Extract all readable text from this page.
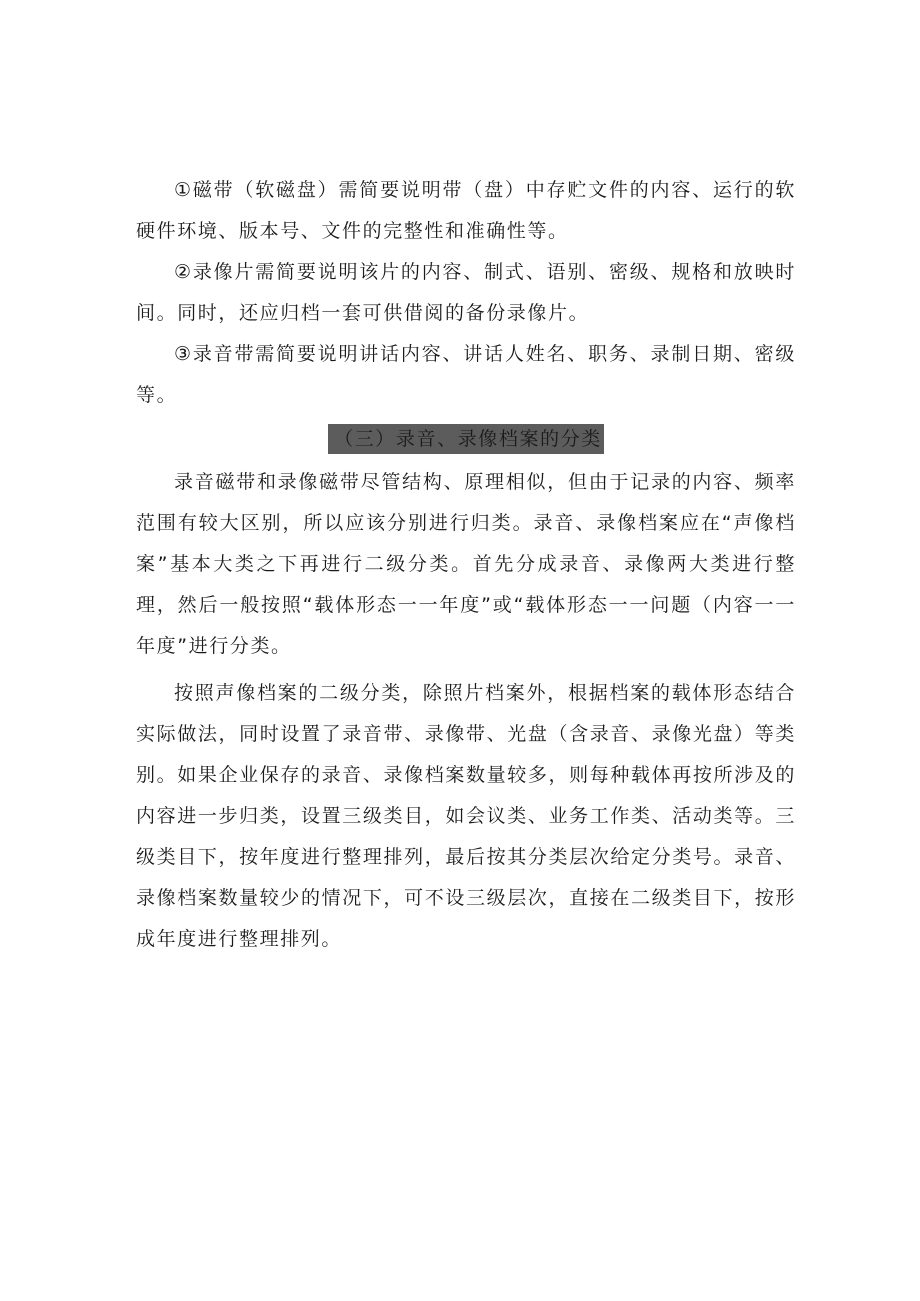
①磁带（软磁盘）需简要说明带（盘）中存贮文件的内容、运行的软硬件环境、版本号、文件的完整性和准确性等。

②录像片需简要说明该片的内容、制式、语别、密级、规格和放映时间。同时，还应归档一套可供借阅的备份录像片。

③录音带需简要说明讲话内容、讲话人姓名、职务、录制日期、密级等。

（三）录音、录像档案的分类

录音磁带和录像磁带尽管结构、原理相似，但由于记录的内容、频率范围有较大区别，所以应该分别进行归类。录音、录像档案应在“声像档案”基本大类之下再进行二级分类。首先分成录音、录像两大类进行整理，然后一般按照“载体形态一一年度”或“载体形态一一问题（内容一一年度”进行分类。

按照声像档案的二级分类，除照片档案外，根据档案的载体形态结合实际做法，同时设置了录音带、录像带、光盘（含录音、录像光盘）等类别。如果企业保存的录音、录像档案数量较多，则每种载体再按所涉及的内容进一步归类，设置三级类目，如会议类、业务工作类、活动类等。三级类目下，按年度进行整理排列，最后按其分类层次给定分类号。录音、录像档案数量较少的情况下，可不设三级层次，直接在二级类目下，按形成年度进行整理排列。
